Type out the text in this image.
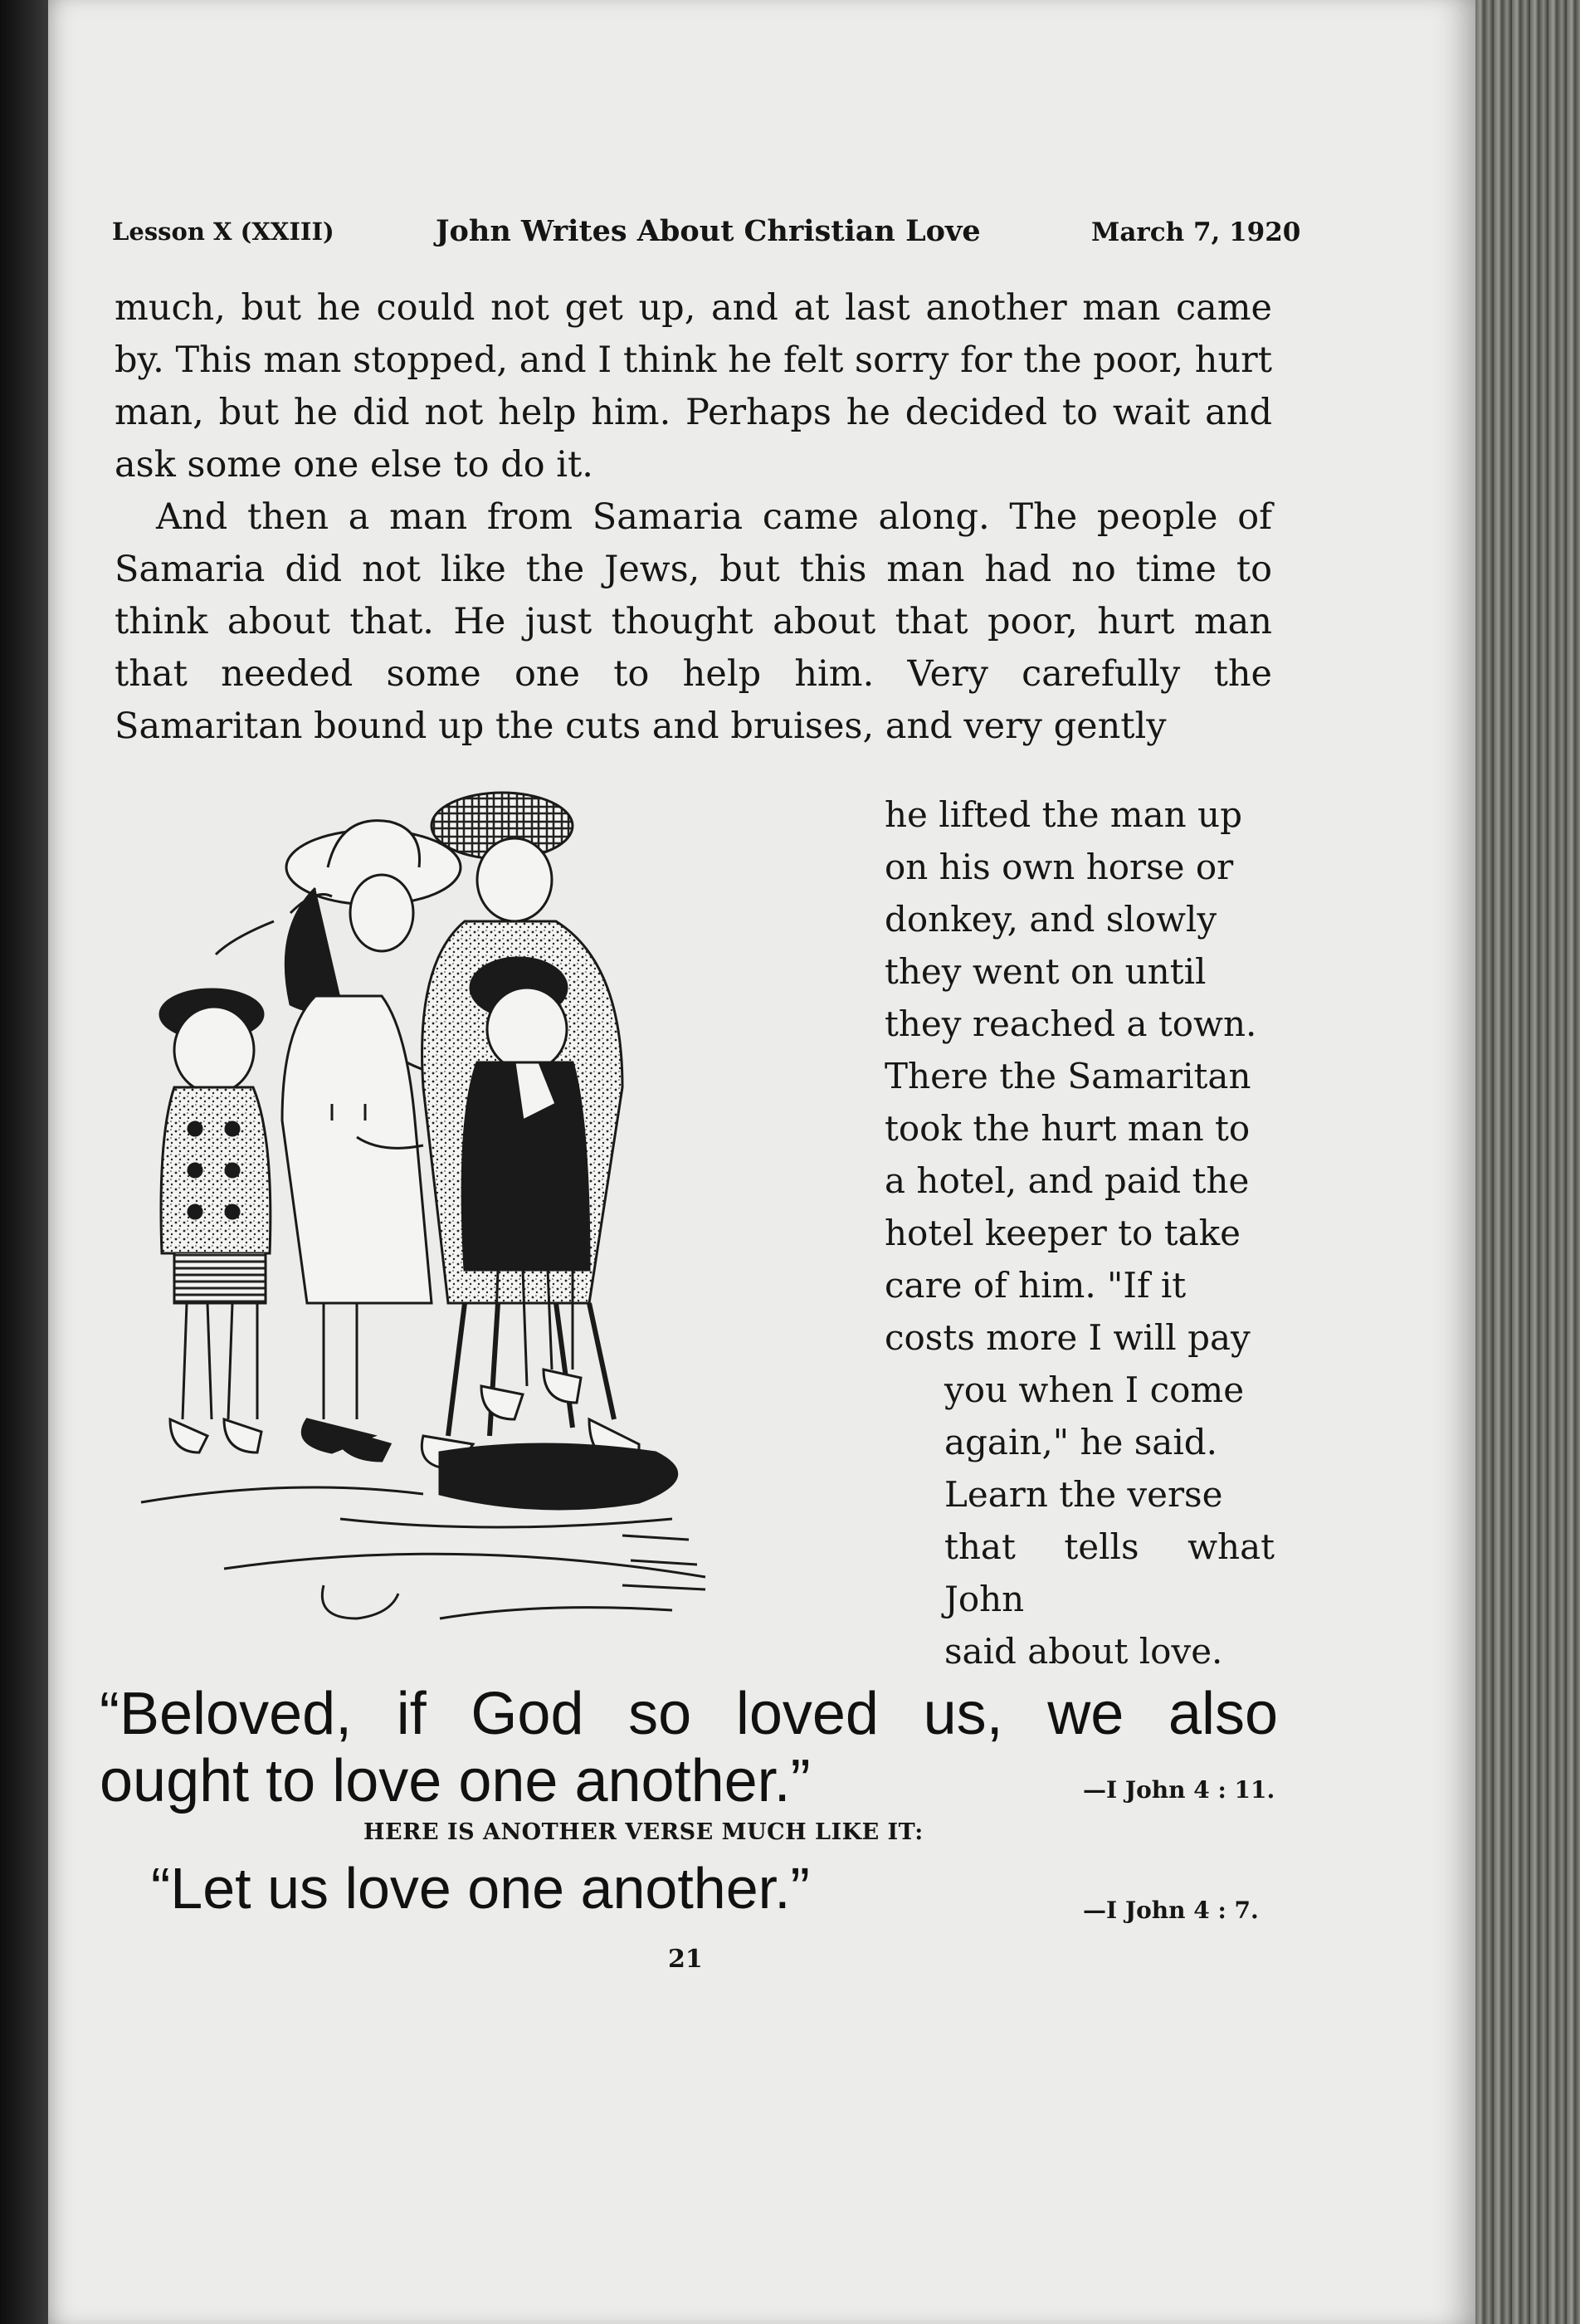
Lesson X (XXIII)	John Writes About Christian Love	March 7, 1920

much, but he could not get up, and at last another man came by. This man stopped, and I think he felt sorry for the poor, hurt man, but he did not help him. Perhaps he decided to wait and ask some one else to do it.

And then a man from Samaria came along. The people of Samaria did not like the Jews, but this man had no time to think about that. He just thought about that poor, hurt man that needed some one to help him. Very carefully the Samaritan bound up the cuts and bruises, and very gently

he lifted the man up

on his own horse or

donkey, and slowly

they went on until

they reached a town.

There the Samaritan

took the hurt man to

a hotel, and paid the

hotel keeper to take

care of him. "If it

costs more I will pay

you when I come

again," he said.

Learn the verse

that tells what John

said about love.

“Beloved, if God so loved us, we also
ought to love one another.”	—I John 4 : 11.
HERE IS ANOTHER VERSE MUCH LIKE IT:
“Let us love one another.”	—I John 4 : 7.
21
